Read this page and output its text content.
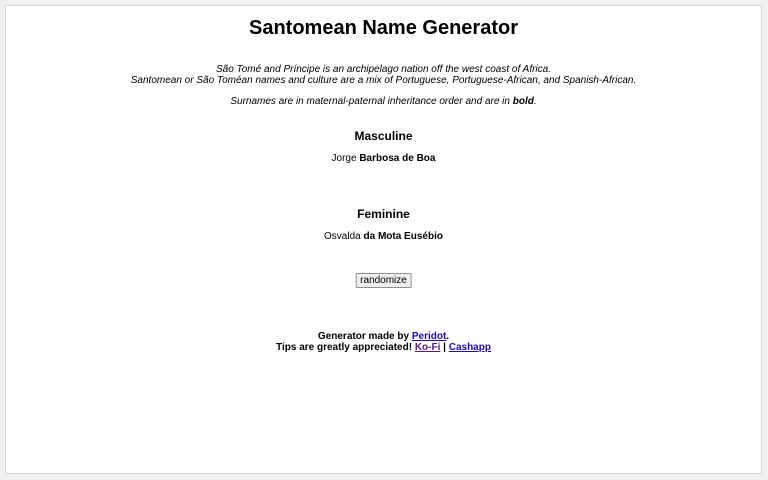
Santomean Name Generator

São Tomé and Príncipe is an archipelago nation off the west coast of Africa.

Santomean or São Toméan names and culture are a mix of Portuguese, Portuguese-African, and Spanish-African.

Surnames are in maternal-paternal inheritance order and are in bold.

Masculine
Jorge Barbosa de Boa
Feminine
Osvalda da Mota Eusébio
randomize
Generator made by Peridot.
Tips are greatly appreciated! Ko-Fi | Cashapp
